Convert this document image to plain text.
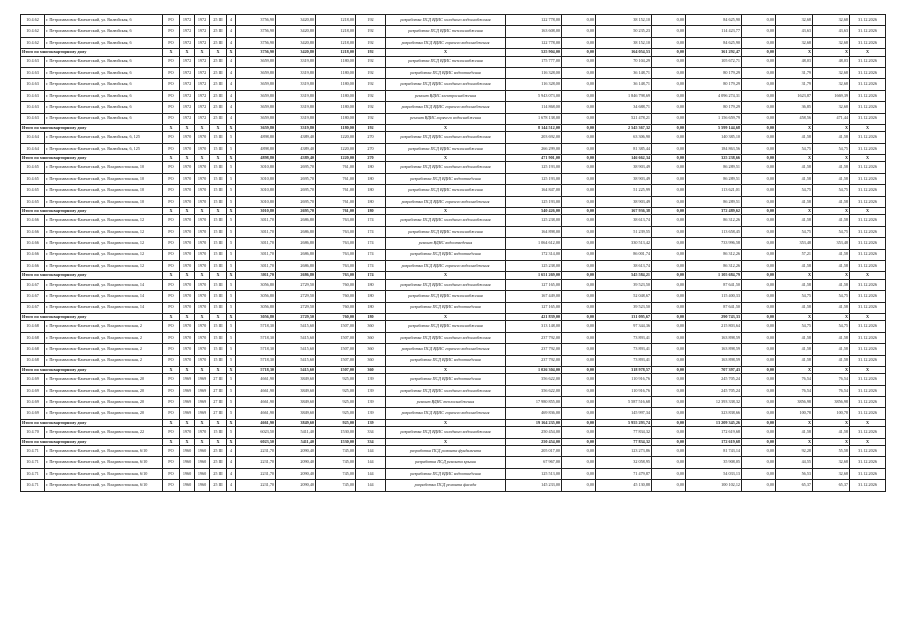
10.4.62	г. Петропавловск-Камчатский, ул. Вилюйская, 6	РО	1972	1972	25 III	4	3756,90	3420,80	1218,00	192	разработка ПСД ВДИС холодного водоснабжения	122 778,00	0,00	38 152,10	0,00	84 625,90	0,00	32,68	32,68	31.12.2026
10.4.62	г. Петропавловск-Камчатский, ул. Вилюйская, 6	РО	1972	1972	25 III	4	3756,90	3420,80	1218,00	192	разработка ПСД ВДИС теплоснабжения	163 608,00	0,00	50 235,23	0,00	114 423,77	0,00	43,63	43,63	31.12.2026
10.4.62	г. Петропавловск-Камчатский, ул. Вилюйская, 6	РО	1972	1972	25 III	4	3756,90	3420,80	1218,00	192	разработка ПСД ВДИС горячего водоснабжения	122 778,00	0,00	38 152,10	0,00	84 625,90	0,00	32,68	32,68	31.12.2026
Итого по многоквартирному дому		X	X	X	X	X	3756,90	3420,80	1218,00	192	X	525 904,00	0,00	164 054,53	0,00	361 292,47	0,00	X	X	X
10.4.63	г. Петропавловск-Камчатский, ул. Вилюйская, 6	РО	1972	1972	25 III	4	3659,80	3319,80	1180,00	192	разработка ПСД ВДИС теплоснабжения	175 777,00	0,00	70 104,29	0,00	105 672,71	0,00	48,03	48,03	31.12.2026
10.4.63	г. Петропавловск-Камчатский, ул. Вилюйская, 6	РО	1972	1972	25 III	4	3659,80	3319,80	1180,00	192	разработка ПСД ВДИС водоотведения	116 328,00	0,00	36 148,71	0,00	80 179,29	0,00	31,79	32,68	31.12.2026
10.4.63	г. Петропавловск-Камчатский, ул. Вилюйская, 6	РО	1972	1972	25 III	4	3659,80	3319,80	1180,00	192	разработка ПСД ВДИС холодного водоснабжения	116 328,00	0,00	36 148,71	0,00	80 179,29	0,00	31,79	32,68	31.12.2026
10.4.63	г. Петропавловск-Камчатский, ул. Вилюйская, 6	РО	1972	1972	25 III	4	3659,80	3319,80	1180,00	192	ремонт ВДИС электроснабжения	5 943 073,00	0,00	1 846 798,69	0,00	4 096 274,31	0,00	1623,87	1669,39	31.12.2026
10.4.63	г. Петропавловск-Камчатский, ул. Вилюйская, 6	РО	1972	1972	25 III	4	3659,80	3319,80	1180,00	192	разработка ПСД ВДИС горячего водоснабжения	114 868,00	0,00	34 688,71	0,00	80 179,29	0,00	36,85	32,68	31.12.2026
10.4.63	г. Петропавловск-Камчатский, ул. Вилюйская, 6	РО	1972	1972	25 III	4	3659,80	3319,80	1180,00	192	ремонт ВДИС горячего водоснабжения	1 678 138,00	0,00	521 478,21	0,00	1 156 659,79	0,00	458,56	471,44	31.12.2026
Итого по многоквартирному дому		X	X	X	X	X	3659,80	3319,80	1180,00	192	X	8 144 512,00	0,00	2 545 367,32	0,00	5 599 144,68	0,00	X	X	X
10.4.64	г. Петропавловск-Камчатский, ул. Вилюйская, 6, 125	РО	1970	1970	15 III	5	4898,80	4389,40	1220,00	270	разработка ПСД ВДИС холодного водоснабжения	203 692,00	0,00	63 306,90	0,00	140 385,10	0,00	41,58	41,58	31.12.2026
10.4.64	г. Петропавловск-Камчатский, ул. Вилюйская, 6, 125	РО	1970	1970	15 III	5	4898,80	4389,40	1220,00	270	разработка ПСД ВДИС теплоснабжения	266 299,00	0,00	81 385,44	0,00	184 863,56	0,00	54,75	54,75	31.12.2026
Итого по многоквартирному дому		X	X	X	X	X	4898,80	4389,40	1220,00	270	X	471 901,00	0,00	146 662,34	0,00	325 238,66	0,00	X	X	X
10.4.65	г. Петропавловск-Камчатский, ул. Владивостокская, 10	РО	1970	1970	15 III	5	3010,80	2695,70	761,00	180	разработка ПСД ВДИС холодного водоснабжения	125 193,00	0,00	38 903,49	0,00	86 289,51	0,00	41,58	41,58	31.12.2026
10.4.65	г. Петропавловск-Камчатский, ул. Владивостокская, 10	РО	1970	1970	15 III	5	3010,80	2695,70	761,00	180	разработка ПСД ВДИС водоотведения	125 193,00	0,00	38 903,49	0,00	86 289,51	0,00	41,58	41,58	31.12.2026
10.4.65	г. Петропавловск-Камчатский, ул. Владивостокская, 10	РО	1970	1970	15 III	5	3010,80	2695,70	761,00	180	разработка ПСД ВДИС теплоснабжения	164 847,00	0,00	51 225,99	0,00	113 621,01	0,00	54,75	54,75	31.12.2026
10.4.65	г. Петропавловск-Камчатский, ул. Владивостокская, 10	РО	1970	1970	15 III	5	3010,80	2695,70	761,00	180	разработка ПСД ВДИС горячего водоснабжения	125 193,00	0,00	38 903,49	0,00	86 289,51	0,00	41,58	41,58	31.12.2026
Итого по многоквартирному дому		X	X	X	X	X	3010,80	2695,70	761,00	180	X	540 426,00	0,00	167 936,38	0,00	372 489,62	0,00	X	X	X
10.4.66	г. Петропавловск-Камчатский, ул. Владивостокская, 12	РО	1970	1970	15 III	5	3011,70	2686,80	763,00	174	разработка ПСД ВДИС холодного водоснабжения	125 238,00	0,00	38 613,74	0,00	86 312,26	0,00	41,58	41,58	31.12.2026
10.4.66	г. Петропавловск-Камчатский, ул. Владивостокская, 12	РО	1970	1970	15 III	5	3011,70	2686,80	763,00	174	разработка ПСД ВДИС теплоснабжения	164 898,00	0,00	51 239,55	0,00	113 658,45	0,00	54,75	54,75	31.12.2026
10.4.66	г. Петропавловск-Камчатский, ул. Владивостокская, 12	РО	1970	1970	15 III	5	3011,70	2686,80	763,00	174	ремонт ВДИС водоотведения	1 064 612,00	0,00	330 513,42	0,00	733 996,58	0,00	353,48	353,48	31.12.2026
10.4.66	г. Петропавловск-Камчатский, ул. Владивостокская, 12	РО	1970	1970	15 III	5	3011,70	2686,80	763,00	174	разработка ПСД ВДИС водоотведения	172 314,00	0,00	86 001,74	0,00	86 312,26	0,00	57,21	41,58	31.12.2026
10.4.66	г. Петропавловск-Камчатский, ул. Владивостокская, 12	РО	1970	1970	15 III	5	3011,70	2686,80	763,00	174	разработка ПСД ВДИС горячего водоснабжения	125 238,00	0,00	38 613,74	0,00	86 312,26	0,00	41,58	41,58	31.12.2026
Итого по многоквартирному дому		X	X	X	X	X	3011,70	2686,80	763,00	174	X	1 651 269,00	0,00	545 584,21	0,00	1 105 684,79	0,00	X	X	X
10.4.67	г. Петропавловск-Камчатский, ул. Владивостокская, 14	РО	1970	1970	15 III	5	3056,80	2729,50	760,00	180	разработка ПСД ВДИС холодного водоснабжения	127 165,00	0,00	39 523,50	0,00	87 641,50	0,00	41,58	41,58	31.12.2026
10.4.67	г. Петропавловск-Камчатский, ул. Владивостокская, 14	РО	1970	1970	15 III	5	3056,80	2729,50	760,00	180	разработка ПСД ВДИС теплоснабжения	167 449,00	0,00	52 048,67	0,00	115 400,33	0,00	54,75	54,75	31.12.2026
10.4.67	г. Петропавловск-Камчатский, ул. Владивостокская, 14	РО	1970	1970	15 III	5	3056,80	2729,50	760,00	180	разработка ПСД ВДИС водоотведения	127 165,00	0,00	39 523,50	0,00	87 641,50	0,00	41,58	41,58	31.12.2026
Итого по многоквартирному дому		X	X	X	X	X	3056,80	2729,50	760,00	180	X	421 839,00	0,00	131 095,67	0,00	290 743,33	0,00	X	X	X
10.4.68	г. Петропавловск-Камчатский, ул. Владивостокская, 2	РО	1970	1970	15 III	5	5718,30	5415,60	1507,00	360	разработка ПСД ВДИС теплоснабжения	313 148,00	0,00	97 344,36	0,00	215 803,64	0,00	54,75	54,75	31.12.2026
10.4.68	г. Петропавловск-Камчатский, ул. Владивостокская, 2	РО	1970	1970	15 III	5	5718,30	5415,60	1507,00	360	разработка ПСД ВДИС холодного водоснабжения	237 792,00	0,00	73 893,41	0,00	163 898,59	0,00	41,58	41,58	31.12.2026
10.4.68	г. Петропавловск-Камчатский, ул. Владивостокская, 2	РО	1970	1970	15 III	5	5718,30	5415,60	1507,00	360	разработка ПСД ВДИС горячего водоснабжения	237 792,00	0,00	73 893,41	0,00	163 898,59	0,00	41,58	41,58	31.12.2026
10.4.68	г. Петропавловск-Камчатский, ул. Владивостокская, 2	РО	1970	1970	15 III	5	5718,30	5415,60	1507,00	360	разработка ПСД ВДИС водоотведения	237 792,00	0,00	73 893,41	0,00	163 898,59	0,00	41,58	41,58	31.12.2026
Итого по многоквартирному дому		X	X	X	X	X	5718,30	5415,60	1507,00	360	X	1 026 304,00	0,00	318 978,57	0,00	707 397,43	0,00	X	X	X
10.4.69	г. Петропавловск-Камчатский, ул. Владивостокская, 20	РО	1969	1969	27 III	5	4661,90	3849,60	925,00	139	разработка ПСД ВДИС водоотведения	356 622,00	0,00	110 916,76	0,00	245 705,24	0,00	76,54	76,54	31.12.2026
10.4.69	г. Петропавловск-Камчатский, ул. Владивостокская, 20	РО	1969	1969	27 III	5	4661,90	3849,60	925,00	139	разработка ПСД ВДИС холодного водоснабжения	356 622,00	0,00	110 916,76	0,00	245 705,24	0,00	76,54	76,54	31.12.2026
10.4.69	г. Петропавловск-Камчатский, ул. Владивостокская, 20	РО	1969	1969	27 III	5	4661,90	3849,60	925,00	139	ремонт ВДИС теплоснабжения	17 980 855,00	0,00	5 587 516,68	0,00	12 393 338,32	0,00	3856,98	3856,98	31.12.2026
10.4.69	г. Петропавловск-Камчатский, ул. Владивостокская, 20	РО	1969	1969	27 III	5	4661,90	3849,60	925,00	139	разработка ПСД ВДИС горячего водоснабжения	469 836,00	0,00	145 997,34	0,00	323 838,66	0,00	100,78	100,78	31.12.2026
Итого по многоквартирному дому		X	X	X	X	X	4661,90	3849,60	925,00	139	X	19 164 235,00	0,00	5 955 293,74	0,00	13 209 345,26	0,00	X	X	X
10.4.70	г. Петропавловск-Камчатский, ул. Владивостокская, 22	РО	1970	1970	15 III	5	6023,50	5411,40	1530,00	334	разработка ПСД ВДИС холодного водоснабжения	250 454,00	0,00	77 834,32	0,00	172 619,68	0,00	41,58	41,58	31.12.2026
Итого по многоквартирному дому		X	X	X	X	X	6023,50	5411,40	1530,00	334	X	250 454,00	0,00	77 834,32	0,00	172 619,68	0,00	X	X	X
10.4.71	г. Петропавловск-Камчатский, ул. Владивостокская, 6/10	РО	1960	1960	25 III	4	2231,70	2090,40	745,00	144	разработка ПСД ремонта фундамента	205 017,00	0,00	123 273,86	0,00	81 743,14	0,00	92,28	55,58	31.12.2026
10.4.71	г. Петропавловск-Камчатский, ул. Владивостокская, 6/10	РО	1960	1960	25 III	4	2231,70	2090,40	745,00	144	разработка ПСД ремонта крыши	67 967,00	0,00	32 058,95	0,00	35 908,05	0,00	44,55	32,68	31.12.2026
10.4.71	г. Петропавловск-Камчатский, ул. Владивостокская, 6/10	РО	1960	1960	25 III	4	2231,70	2090,40	745,00	144	разработка ПСД ВДИС водоотведения	125 513,00	0,00	71 479,87	0,00	54 033,13	0,00	56,53	32,68	31.12.2026
10.4.71	г. Петропавловск-Камчатский, ул. Владивостокская, 6/10	РО	1960	1960	25 III	4	2231,70	2090,40	745,00	144	разработка ПСД ремонта фасада	145 233,00	0,00	45 130,88	0,00	100 102,12	0,00	65,37	65,37	31.12.2026
